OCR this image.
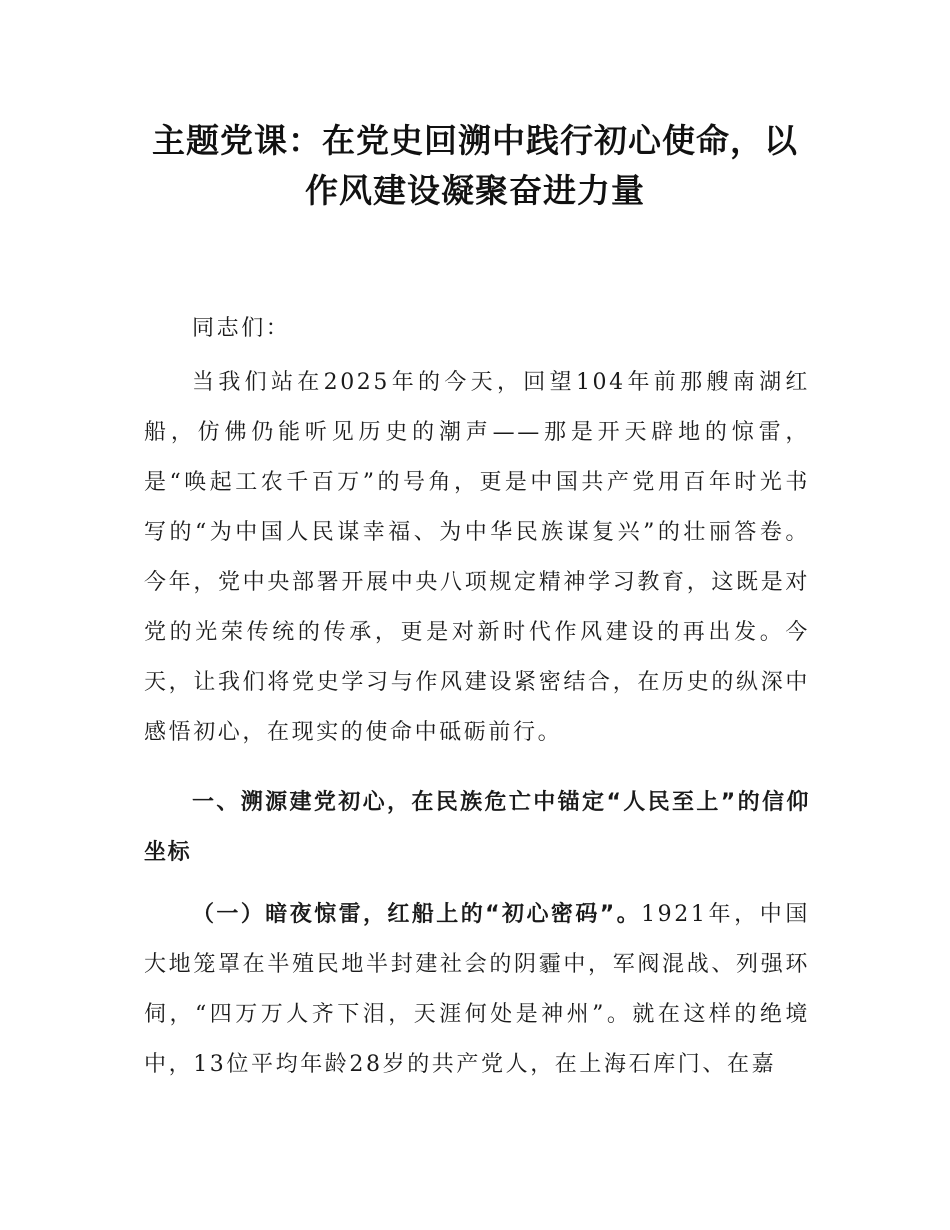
主题党课：在党史回溯中践行初心使命，以
作风建设凝聚奋进力量
同志们：
当我们站在2025年的今天，回望104年前那艘南湖红船，仿佛仍能听见历史的潮声——那是开天辟地的惊雷，是“唤起工农千百万”的号角，更是中国共产党用百年时光书写的“为中国人民谋幸福、为中华民族谋复兴”的壮丽答卷。今年，党中央部署开展中央八项规定精神学习教育，这既是对党的光荣传统的传承，更是对新时代作风建设的再出发。今天，让我们将党史学习与作风建设紧密结合，在历史的纵深中感悟初心，在现实的使命中砥砺前行。
一、溯源建党初心，在民族危亡中锚定“人民至上”的信仰坐标
（一）暗夜惊雷，红船上的“初心密码”。1921年，中国大地笼罩在半殖民地半封建社会的阴霾中，军阀混战、列强环伺，“四万万人齐下泪，天涯何处是神州”。就在这样的绝境中，13位平均年龄28岁的共产党人，在上海石库门、在嘉
